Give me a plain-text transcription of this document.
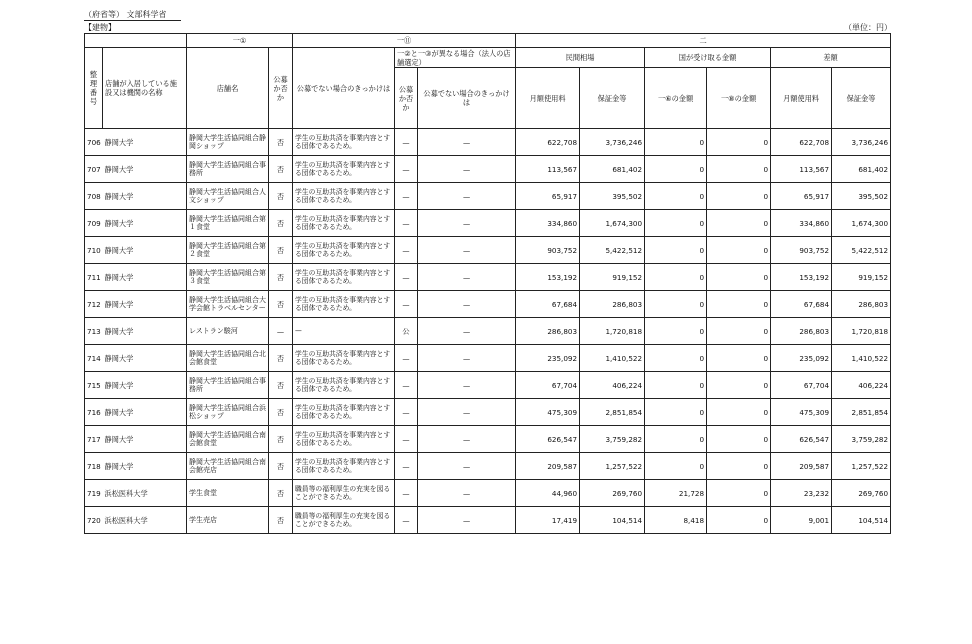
（府省等） 文部科学省
【建物】	（単位：円）
		一①		一⑪			二					
整理番号	店舗が入居している施設又は機関の名称	店舗名	公募か否か	公募でない場合のきっかけは	一②と一③が異なる場合（法人の店舗選定）		民間相場		国が受け取る金額		差額	
					公募か否か	公募でない場合のきっかけは	月額使用料	保証金等	一⑥の金額	一⑧の金額	月額使用料	保証金等
706	静岡大学	静岡大学生活協同組合静岡ショップ	否	学生の互助共済を事業内容とする団体であるため。	—	—	622,708	3,736,246	0	0	622,708	3,736,246
707	静岡大学	静岡大学生活協同組合事務所	否	学生の互助共済を事業内容とする団体であるため。	—	—	113,567	681,402	0	0	113,567	681,402
708	静岡大学	静岡大学生活協同組合人文ショップ	否	学生の互助共済を事業内容とする団体であるため。	—	—	65,917	395,502	0	0	65,917	395,502
709	静岡大学	静岡大学生活協同組合第１食堂	否	学生の互助共済を事業内容とする団体であるため。	—	—	334,860	1,674,300	0	0	334,860	1,674,300
710	静岡大学	静岡大学生活協同組合第２食堂	否	学生の互助共済を事業内容とする団体であるため。	—	—	903,752	5,422,512	0	0	903,752	5,422,512
711	静岡大学	静岡大学生活協同組合第３食堂	否	学生の互助共済を事業内容とする団体であるため。	—	—	153,192	919,152	0	0	153,192	919,152
712	静岡大学	静岡大学生活協同組合大学会館トラベルセンター	否	学生の互助共済を事業内容とする団体であるため。	—	—	67,684	286,803	0	0	67,684	286,803
713	静岡大学	レストラン駿河	—	—	公	—	286,803	1,720,818	0	0	286,803	1,720,818
714	静岡大学	静岡大学生活協同組合北会館食堂	否	学生の互助共済を事業内容とする団体であるため。	—	—	235,092	1,410,522	0	0	235,092	1,410,522
715	静岡大学	静岡大学生活協同組合事務所	否	学生の互助共済を事業内容とする団体であるため。	—	—	67,704	406,224	0	0	67,704	406,224
716	静岡大学	静岡大学生活協同組合浜松ショップ	否	学生の互助共済を事業内容とする団体であるため。	—	—	475,309	2,851,854	0	0	475,309	2,851,854
717	静岡大学	静岡大学生活協同組合南会館食堂	否	学生の互助共済を事業内容とする団体であるため。	—	—	626,547	3,759,282	0	0	626,547	3,759,282
718	静岡大学	静岡大学生活協同組合南会館売店	否	学生の互助共済を事業内容とする団体であるため。	—	—	209,587	1,257,522	0	0	209,587	1,257,522
719	浜松医科大学	学生食堂	否	職員等の福利厚生の充実を図ることができるため。	—	—	44,960	269,760	21,728	0	23,232	269,760
720	浜松医科大学	学生売店	否	職員等の福利厚生の充実を図ることができるため。	—	—	17,419	104,514	8,418	0	9,001	104,514
